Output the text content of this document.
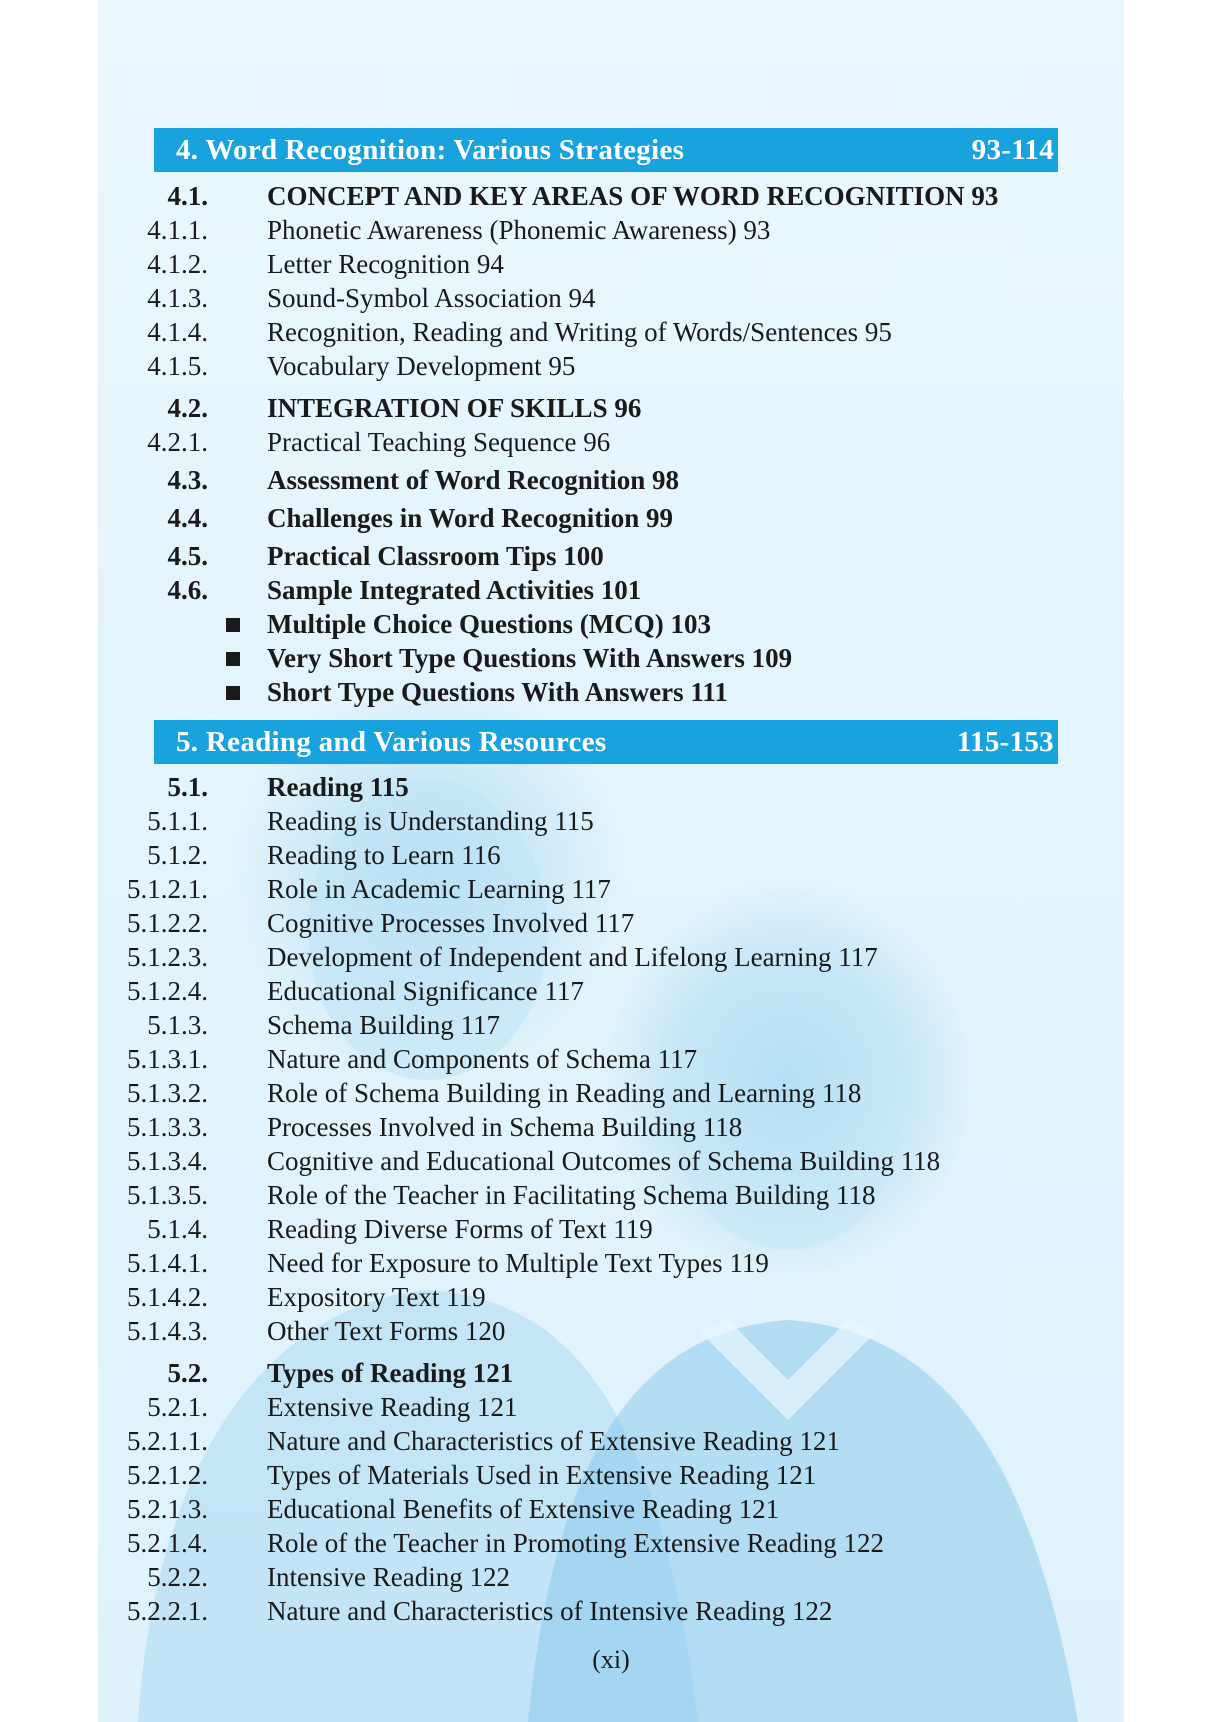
4. Word Recognition: Various Strategies	93-114
4.1. CONCEPT AND KEY AREAS OF WORD RECOGNITION 93
4.1.1. Phonetic Awareness (Phonemic Awareness) 93
4.1.2. Letter Recognition 94
4.1.3. Sound-Symbol Association 94
4.1.4. Recognition, Reading and Writing of Words/Sentences 95
4.1.5. Vocabulary Development 95
4.2. INTEGRATION OF SKILLS 96
4.2.1. Practical Teaching Sequence 96
4.3. Assessment of Word Recognition 98
4.4. Challenges in Word Recognition 99
4.5. Practical Classroom Tips 100
4.6. Sample Integrated Activities 101
Multiple Choice Questions (MCQ) 103
Very Short Type Questions With Answers 109
Short Type Questions With Answers 111
5. Reading and Various Resources	115-153
5.1. Reading 115
5.1.1. Reading is Understanding 115
5.1.2. Reading to Learn 116
5.1.2.1. Role in Academic Learning 117
5.1.2.2. Cognitive Processes Involved 117
5.1.2.3. Development of Independent and Lifelong Learning 117
5.1.2.4. Educational Significance 117
5.1.3. Schema Building 117
5.1.3.1. Nature and Components of Schema 117
5.1.3.2. Role of Schema Building in Reading and Learning 118
5.1.3.3. Processes Involved in Schema Building 118
5.1.3.4. Cognitive and Educational Outcomes of Schema Building 118
5.1.3.5. Role of the Teacher in Facilitating Schema Building 118
5.1.4. Reading Diverse Forms of Text 119
5.1.4.1. Need for Exposure to Multiple Text Types 119
5.1.4.2. Expository Text 119
5.1.4.3. Other Text Forms 120
5.2. Types of Reading 121
5.2.1. Extensive Reading 121
5.2.1.1. Nature and Characteristics of Extensive Reading 121
5.2.1.2. Types of Materials Used in Extensive Reading 121
5.2.1.3. Educational Benefits of Extensive Reading 121
5.2.1.4. Role of the Teacher in Promoting Extensive Reading 122
5.2.2. Intensive Reading 122
5.2.2.1. Nature and Characteristics of Intensive Reading 122
(xi)
